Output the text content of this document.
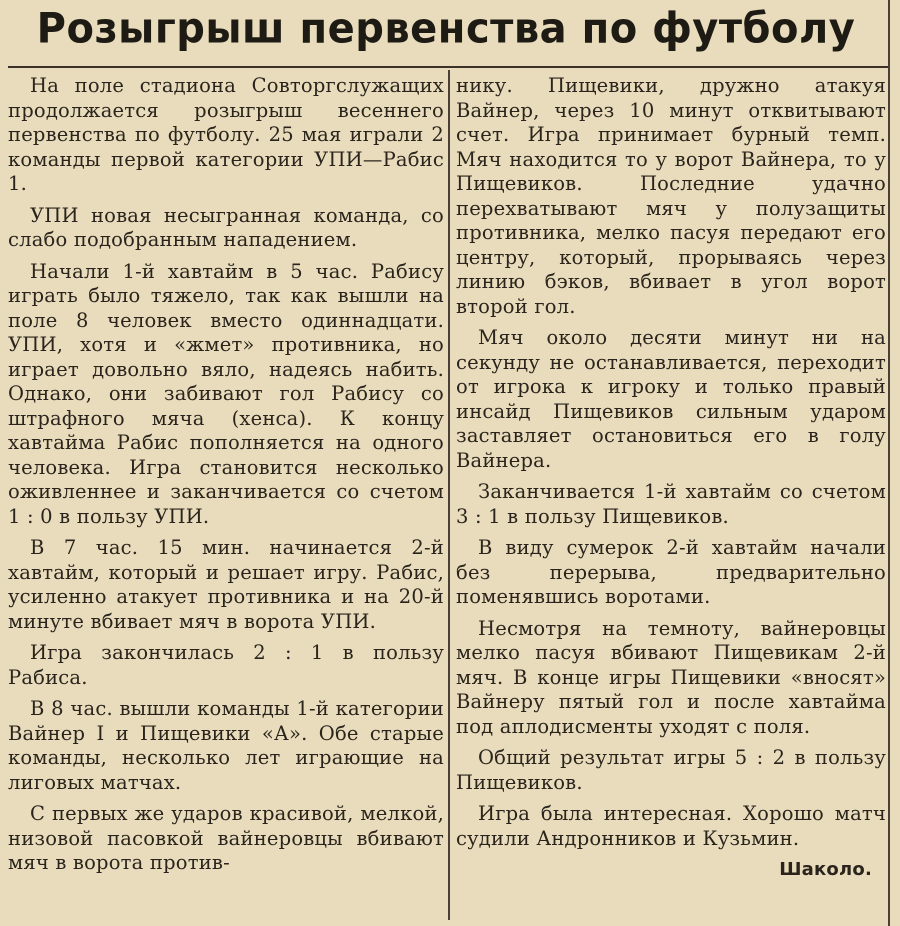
Розыгрыш первенства по футболу

На поле стадиона Совторгслужащих продолжается розыгрыш весеннего первенства по футболу. 25 мая играли 2 команды первой категории УПИ—Рабис 1.

УПИ новая несыгранная команда, со слабо подобранным нападением.

Начали 1-й хавтайм в 5 час. Рабису играть было тяжело, так как вышли на поле 8 человек вместо одиннадцати. УПИ, хотя и «жмет» противника, но играет довольно вяло, надеясь набить. Однако, они забивают гол Рабису со штрафного мяча (хенса). К концу хавтайма Рабис пополняется на одного человека. Игра становится несколько оживленнее и заканчивается со счетом 1 : 0 в пользу УПИ.

В 7 час. 15 мин. начинается 2-й хавтайм, который и решает игру. Рабис, усиленно атакует противника и на 20-й минуте вбивает мяч в ворота УПИ.

Игра закончилась 2 : 1 в пользу Рабиса.

В 8 час. вышли команды 1-й категории Вайнер I и Пищевики «А». Обе старые команды, несколько лет играющие на лиговых матчах.

С первых же ударов красивой, мелкой, низовой пасовкой вайнеровцы вбивают мяч в ворота против-

нику. Пищевики, дружно атакуя Вайнер, через 10 минут отквитывают счет. Игра принимает бурный темп. Мяч находится то у ворот Вайнера, то у Пищевиков. Последние удачно перехватывают мяч у полузащиты противника, мелко пасуя передают его центру, который, прорываясь через линию бэков, вбивает в угол ворот второй гол.

Мяч около десяти минут ни на секунду не останавливается, переходит от игрока к игроку и только правый инсайд Пищевиков сильным ударом заставляет остановиться его в голу Вайнера.

Заканчивается 1-й хавтайм со счетом 3 : 1 в пользу Пищевиков.

В виду сумерок 2-й хавтайм начали без перерыва, предварительно поменявшись воротами.

Несмотря на темноту, вайнеровцы мелко пасуя вбивают Пищевикам 2-й мяч. В конце игры Пищевики «вносят» Вайнеру пятый гол и после хавтайма под аплодисменты уходят с поля.

Общий результат игры 5 : 2 в пользу Пищевиков.

Игра была интересная. Хорошо матч судили Андронников и Кузьмин.

Шаколо.
